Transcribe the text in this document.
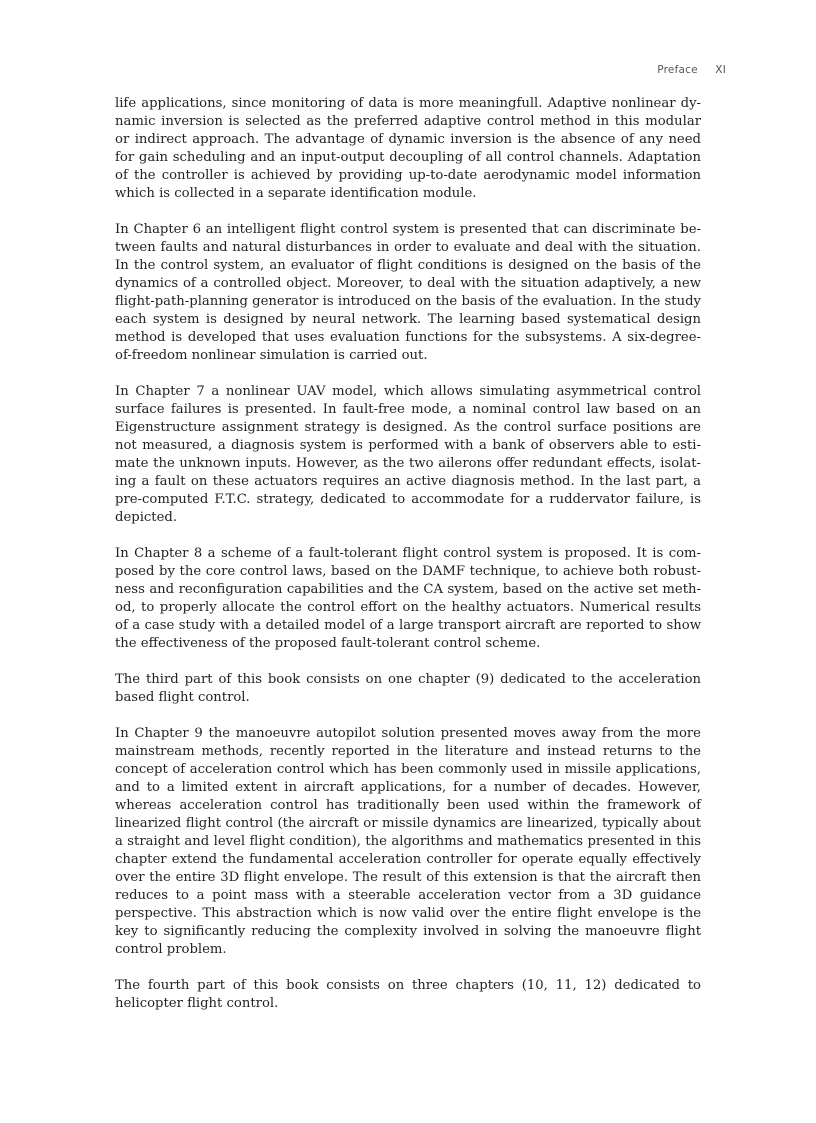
Preface XI

life applications, since monitoring of data is more meaningfull. Adaptive nonlinear dynamic inversion is selected as the preferred adaptive control method in this modular or indirect approach. The advantage of dynamic inversion is the absence of any need for gain scheduling and an input-output decoupling of all control channels. Adaptation of the controller is achieved by providing up-to-date aerodynamic model information which is collected in a separate identification module.

In Chapter 6 an intelligent flight control system is presented that can discriminate between faults and natural disturbances in order to evaluate and deal with the situation. In the control system, an evaluator of flight conditions is designed on the basis of the dynamics of a controlled object. Moreover, to deal with the situation adaptively, a new flight-path-planning generator is introduced on the basis of the evaluation. In the study each system is designed by neural network. The learning based systematical design method is developed that uses evaluation functions for the subsystems. A six-degree-of-freedom nonlinear simulation is carried out.

In Chapter 7 a nonlinear UAV model, which allows simulating asymmetrical control surface failures is presented. In fault-free mode, a nominal control law based on an Eigenstructure assignment strategy is designed. As the control surface positions are not measured, a diagnosis system is performed with a bank of observers able to estimate the unknown inputs. However, as the two ailerons offer redundant effects, isolating a fault on these actuators requires an active diagnosis method. In the last part, a pre-computed F.T.C. strategy, dedicated to accommodate for a ruddervator failure, is depicted.

In Chapter 8 a scheme of a fault-tolerant flight control system is proposed. It is composed by the core control laws, based on the DAMF technique, to achieve both robustness and reconfiguration capabilities and the CA system, based on the active set method, to properly allocate the control effort on the healthy actuators. Numerical results of a case study with a detailed model of a large transport aircraft are reported to show the effectiveness of the proposed fault-tolerant control scheme.

The third part of this book consists on one chapter (9) dedicated to the acceleration based flight control.

In Chapter 9 the manoeuvre autopilot solution presented moves away from the more mainstream methods, recently reported in the literature and instead returns to the concept of acceleration control which has been commonly used in missile applications, and to a limited extent in aircraft applications, for a number of decades. However, whereas acceleration control has traditionally been used within the framework of linearized flight control (the aircraft or missile dynamics are linearized, typically about a straight and level flight condition), the algorithms and mathematics presented in this chapter extend the fundamental acceleration controller for operate equally effectively over the entire 3D flight envelope. The result of this extension is that the aircraft then reduces to a point mass with a steerable acceleration vector from a 3D guidance perspective. This abstraction which is now valid over the entire flight envelope is the key to significantly reducing the complexity involved in solving the manoeuvre flight control problem.

The fourth part of this book consists on three chapters (10, 11, 12) dedicated to helicopter flight control.
